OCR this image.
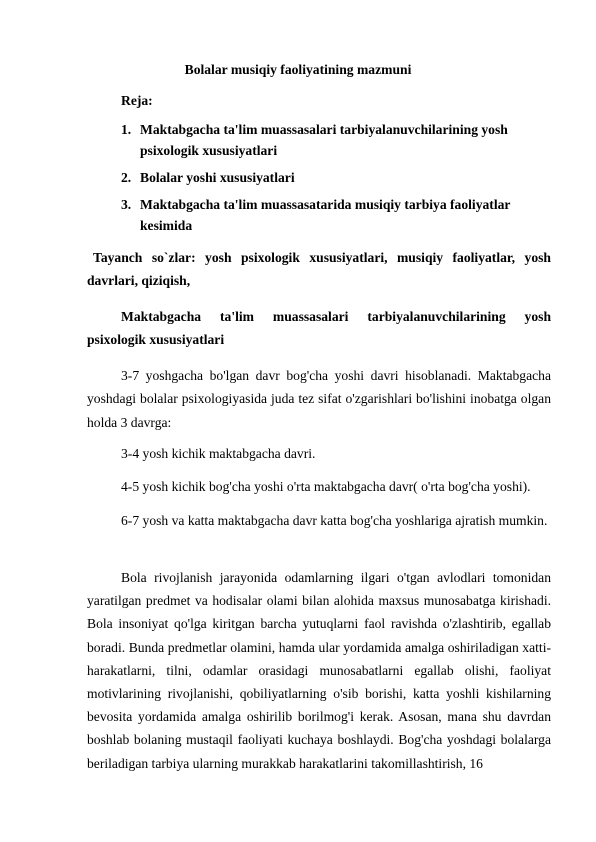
Bolalar musiqiy faoliyatining mazmuni
Reja:
1. Maktabgacha ta'lim muassasalari tarbiyalanuvchilarining yosh psixologik xususiyatlari
2. Bolalar yoshi xususiyatlari
3. Maktabgacha ta'lim muassasatarida musiqiy tarbiya faoliyatlar kesimida
Tayanch so`zlar: yosh psixologik xususiyatlari, musiqiy faoliyatlar, yosh davrlari, qiziqish,
Maktabgacha ta'lim muassasalari tarbiyalanuvchilarining yosh psixologik xususiyatlari
3-7 yoshgacha bo'lgan davr bog'cha yoshi davri hisoblanadi. Maktabgacha yoshdagi bolalar psixologiyasida juda tez sifat o'zgarishlari bo'lishini inobatga olgan holda 3 davrga:
3-4 yosh kichik maktabgacha davri.
4-5 yosh kichik bog'cha yoshi o'rta maktabgacha davr( o'rta bog'cha yoshi).
6-7 yosh va katta maktabgacha davr katta bog'cha yoshlariga ajratish mumkin.
Bola rivojlanish jarayonida odamlarning ilgari o'tgan avlodlari tomonidan yaratilgan predmet va hodisalar olami bilan alohida maxsus munosabatga kirishadi. Bola insoniyat qo'lga kiritgan barcha yutuqlarni faol ravishda o'zlashtirib, egallab boradi. Bunda predmetlar olamini, hamda ular yordamida amalga oshiriladigan xatti-harakatlarni, tilni, odamlar orasidagi munosabatlarni egallab olishi, faoliyat motivlarining rivojlanishi, qobiliyatlarning o'sib borishi, katta yoshli kishilarning bevosita yordamida amalga oshirilib borilmog'i kerak. Asosan, mana shu davrdan boshlab bolaning mustaqil faoliyati kuchaya boshlaydi. Bog'cha yoshdagi bolalarga beriladigan tarbiya ularning murakkab harakatlarini takomillashtirish, 16
